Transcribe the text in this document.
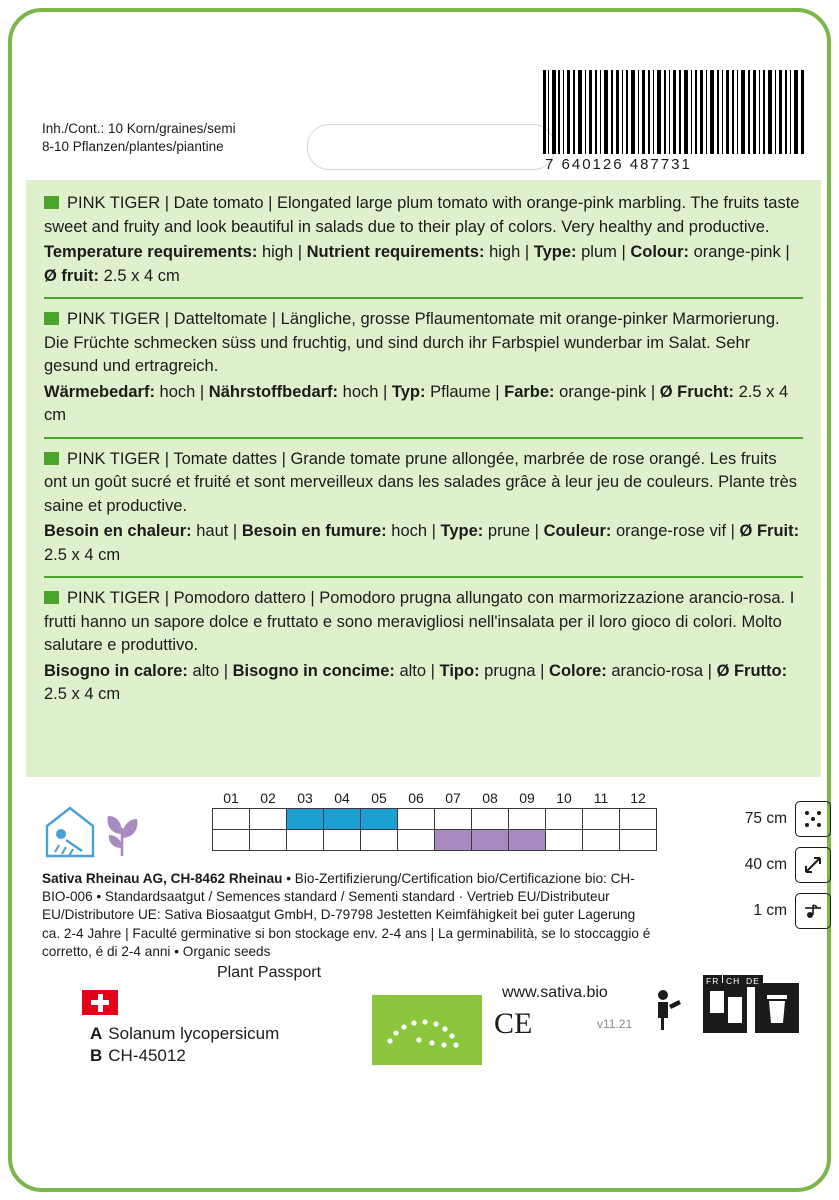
Inh./Cont.: 10 Korn/graines/semi
8-10 Pflanzen/plantes/piantine
7 640126 487731

PINK TIGER | Date tomato | Elongated large plum tomato with orange-pink marbling. The fruits taste sweet and fruity and look beautiful in salads due to their play of colors. Very healthy and productive.

Temperature requirements: high | Nutrient requirements: high | Type: plum | Colour: orange-pink | Ø fruit: 2.5 x 4 cm

PINK TIGER | Datteltomate | Längliche, grosse Pflaumentomate mit orange-pinker Marmorierung. Die Früchte schmecken süss und fruchtig, und sind durch ihr Farbspiel wunderbar im Salat. Sehr gesund und ertragreich.

Wärmebedarf: hoch | Nährstoffbedarf: hoch | Typ: Pflaume | Farbe: orange-pink | Ø Frucht: 2.5 x 4 cm

PINK TIGER | Tomate dattes | Grande tomate prune allongée, marbrée de rose orangé. Les fruits ont un goût sucré et fruité et sont merveilleux dans les salades grâce à leur jeu de couleurs. Plante très saine et productive.

Besoin en chaleur: haut | Besoin en fumure: hoch | Type: prune | Couleur: orange-rose vif | Ø Fruit: 2.5 x 4 cm

PINK TIGER | Pomodoro dattero | Pomodoro prugna allungato con marmorizzazione arancio-rosa. I frutti hanno un sapore dolce e fruttato e sono meravigliosi nell'insalata per il loro gioco di colori. Molto salutare e produttivo.

Bisogno in calore: alto | Bisogno in concime: alto | Tipo: prugna | Colore: arancio-rosa | Ø Frutto: 2.5 x 4 cm

01	02	03	04	05	06	07	08	09	10	11	12

75 cm
40 cm
1 cm
Sativa Rheinau AG, CH-8462 Rheinau • Bio-Zertifizierung/Certification bio/Certificazione bio: CH-BIO-006 • Standardsaatgut / Semences standard / Sementi standard · Vertrieb EU/Distributeur EU/Distributore UE: Sativa Biosaatgut GmbH, D-79798 Jestetten Keimfähigkeit bei guter Lagerung ca. 2-4 Jahre | Faculté germinative si bon stockage env. 2-4 ans | La germinabilità, se lo stoccaggio é corretto, é di 2-4 anni • Organic seeds
Plant Passport
A Solanum lycopersicum
B CH-45012
www.sativa.bio
CE	v11.21
FR CH DE
